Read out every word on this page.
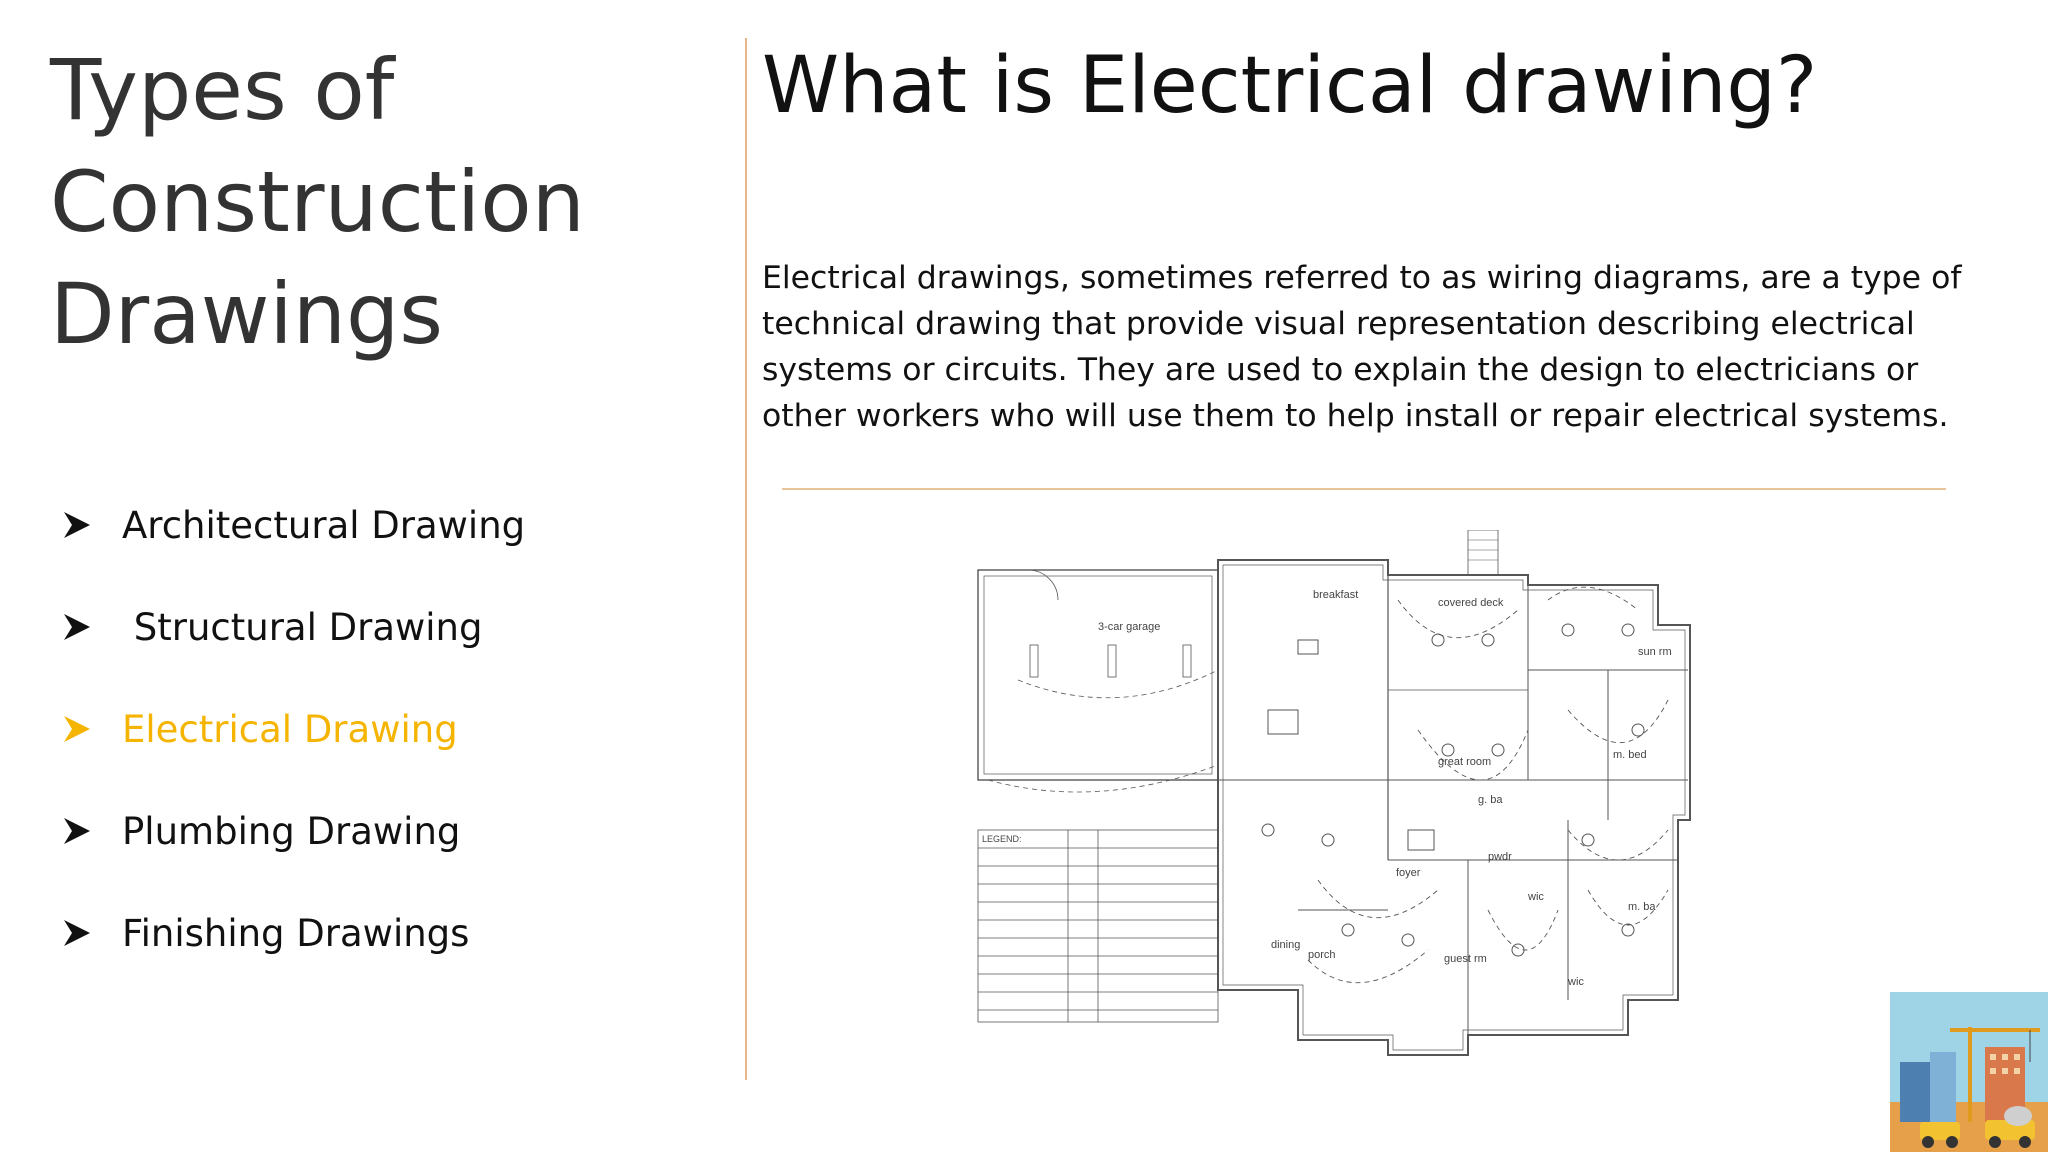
Types of Construction Drawings
Architectural Drawing
Structural Drawing
Electrical Drawing
Plumbing Drawing
Finishing Drawings
What is Electrical drawing?

Electrical drawings, sometimes referred to as wiring diagrams, are a type of technical drawing that provide visual representation describing electrical systems or circuits. They are used to explain the design to electricians or other workers who will use them to help install or repair electrical systems.

3-car garage
breakfast
covered deck
sun rm
great room
m. bed
g. ba
foyer
dining
porch	guest rm
m. ba
wic
wic
pwdr
LEGEND:
